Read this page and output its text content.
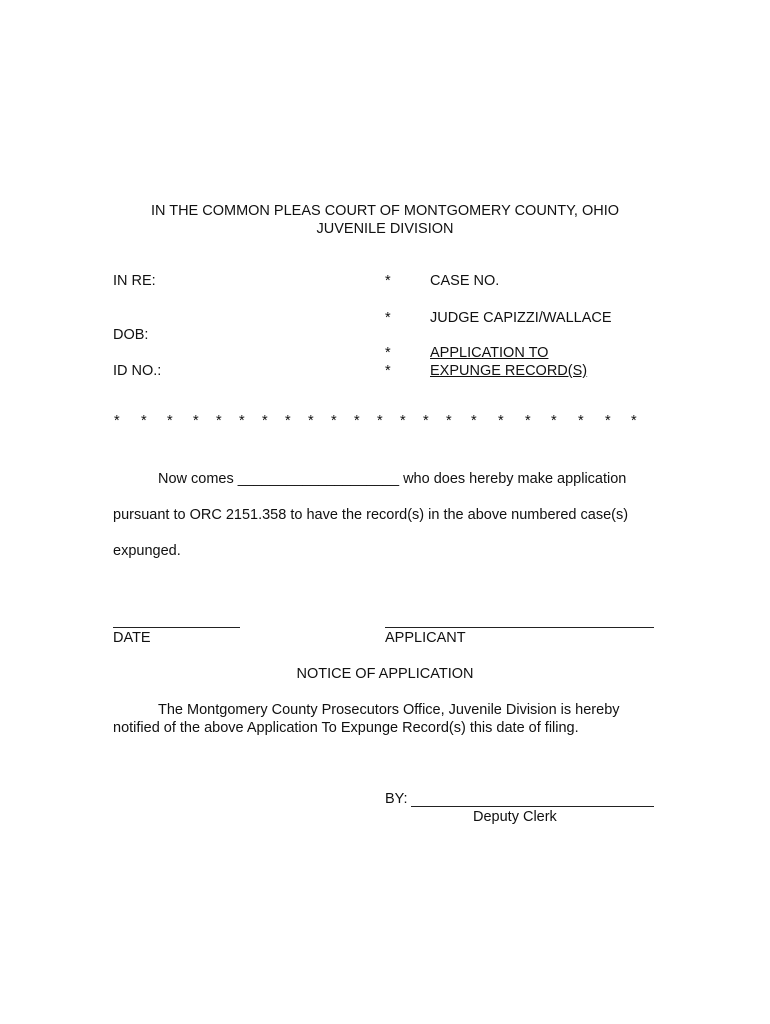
IN THE COMMON PLEAS COURT OF MONTGOMERY COUNTY, OHIO
JUVENILE DIVISION
IN RE:
DOB:
ID NO.:
*
*
*
*
CASE NO.
JUDGE CAPIZZI/WALLACE
APPLICATION TO
EXPUNGE RECORD(S)
* * * * * * * * * * * * * * * * * * * * * *
Now comes ____________________ who does hereby make application
pursuant to ORC 2151.358 to have the record(s) in the above numbered case(s)
expunged.
DATE	APPLICANT
NOTICE OF APPLICATION
The Montgomery County Prosecutors Office, Juvenile Division is hereby
notified of the above Application To Expunge Record(s) this date of filing.
BY:
Deputy Clerk
